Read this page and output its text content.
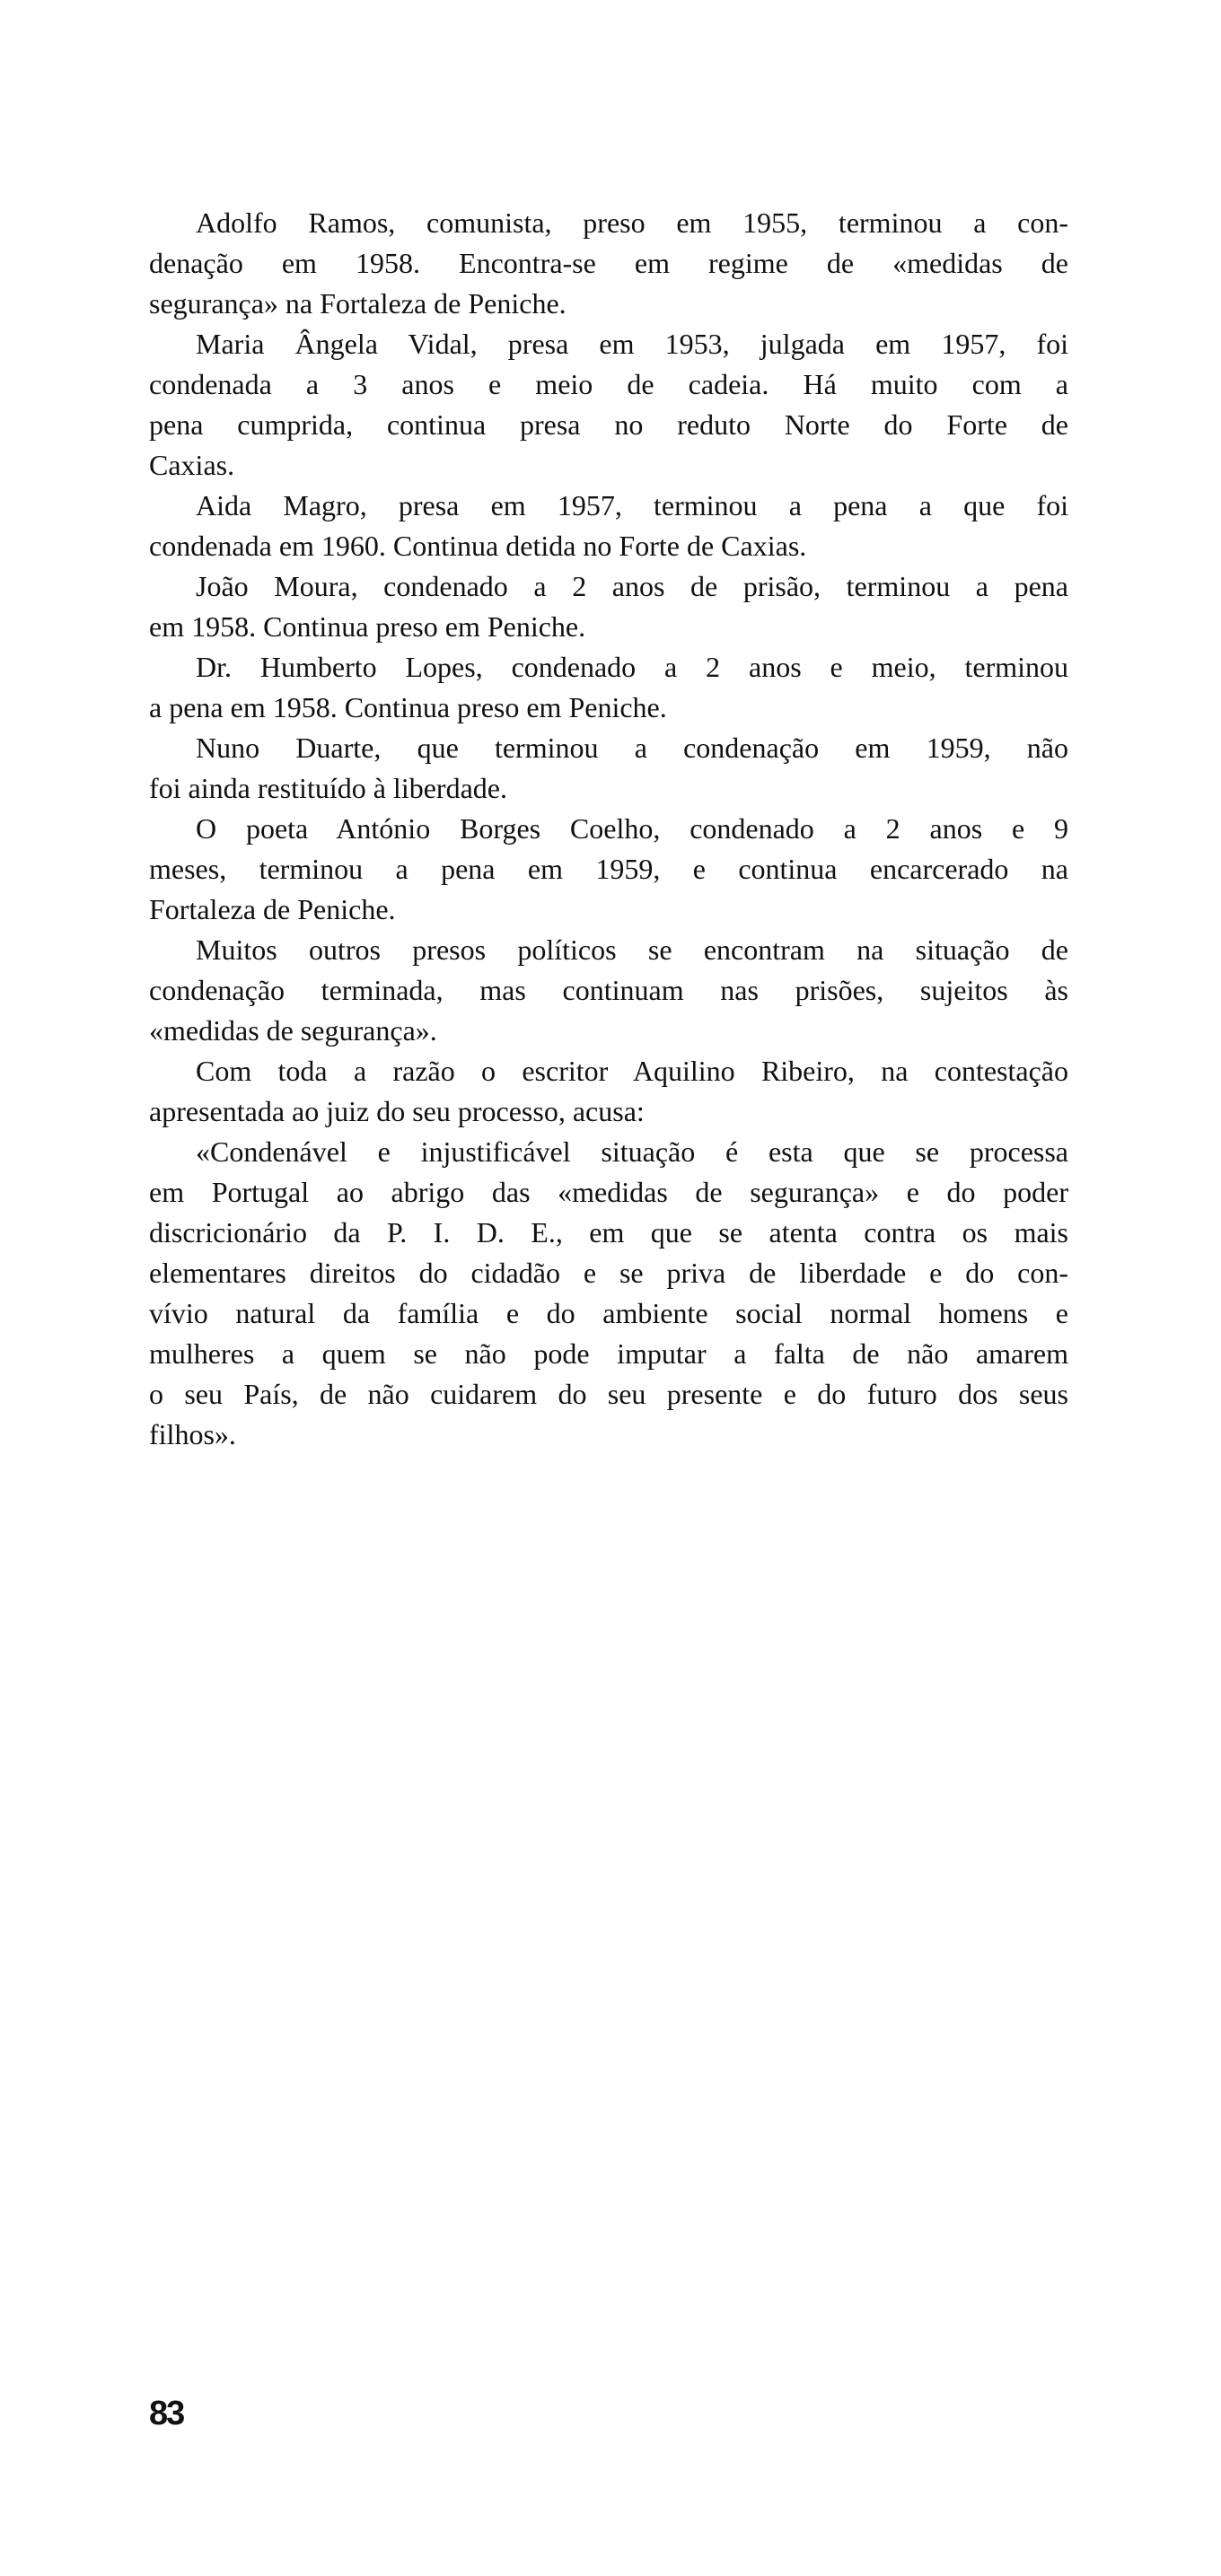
Adolfo Ramos, comunista, preso em 1955, terminou a con-
denação em 1958. Encontra-se em regime de «medidas de
segurança» na Fortaleza de Peniche.
Maria Ângela Vidal, presa em 1953, julgada em 1957, foi
condenada a 3 anos e meio de cadeia. Há muito com a
pena cumprida, continua presa no reduto Norte do Forte de
Caxias.
Aida Magro, presa em 1957, terminou a pena a que foi
condenada em 1960. Continua detida no Forte de Caxias.
João Moura, condenado a 2 anos de prisão, terminou a pena
em 1958. Continua preso em Peniche.
Dr. Humberto Lopes, condenado a 2 anos e meio, terminou
a pena em 1958. Continua preso em Peniche.
Nuno Duarte, que terminou a condenação em 1959, não
foi ainda restituído à liberdade.
O poeta António Borges Coelho, condenado a 2 anos e 9
meses, terminou a pena em 1959, e continua encarcerado na
Fortaleza de Peniche.
Muitos outros presos políticos se encontram na situação de
condenação terminada, mas continuam nas prisões, sujeitos às
«medidas de segurança».
Com toda a razão o escritor Aquilino Ribeiro, na contestação
apresentada ao juiz do seu processo, acusa:
«Condenável e injustificável situação é esta que se processa
em Portugal ao abrigo das «medidas de segurança» e do poder
discricionário da P. I. D. E., em que se atenta contra os mais
elementares direitos do cidadão e se priva de liberdade e do con-
vívio natural da família e do ambiente social normal homens e
mulheres a quem se não pode imputar a falta de não amarem
o seu País, de não cuidarem do seu presente e do futuro dos seus
filhos».
83
